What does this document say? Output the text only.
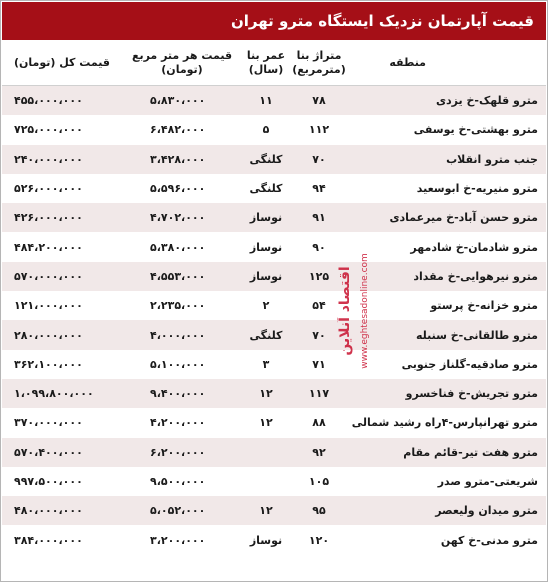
قیمت آپارتمان نزدیک ایستگاه مترو تهران
منطقه	متراژ بنا (مترمربع)	عمر بنا (سال)	قیمت هر متر مربع (تومان)	قیمت کل (تومان)
مترو قلهک-خ یزدی	۷۸	۱۱	۵،۸۳۰،۰۰۰	۴۵۵،۰۰۰،۰۰۰
مترو بهشتی-خ یوسفی	۱۱۲	۵	۶،۴۸۲،۰۰۰	۷۲۵،۰۰۰،۰۰۰
جنب مترو انقلاب	۷۰	کلنگی	۳،۴۲۸،۰۰۰	۲۴۰،۰۰۰،۰۰۰
مترو منیریه-خ ابوسعید	۹۴	کلنگی	۵،۵۹۶،۰۰۰	۵۲۶،۰۰۰،۰۰۰
مترو حسن آباد-خ میرعمادی	۹۱	نوساز	۴،۷۰۲،۰۰۰	۴۲۶،۰۰۰،۰۰۰
مترو شادمان-خ شادمهر	۹۰	نوساز	۵،۳۸۰،۰۰۰	۴۸۴،۲۰۰،۰۰۰
مترو نیرهوایی-خ مقداد	۱۲۵	نوساز	۴،۵۵۳،۰۰۰	۵۷۰،۰۰۰،۰۰۰
مترو خزانه-خ پرستو	۵۴	۲	۲،۲۳۵،۰۰۰	۱۲۱،۰۰۰،۰۰۰
مترو طالقانی-خ سنبله	۷۰	کلنگی	۴،۰۰۰،۰۰۰	۲۸۰،۰۰۰،۰۰۰
مترو صادقیه-گلناز جنوبی	۷۱	۳	۵،۱۰۰،۰۰۰	۳۶۲،۱۰۰،۰۰۰
مترو تجریش-خ فناخسرو	۱۱۷	۱۲	۹،۴۰۰،۰۰۰	۱،۰۹۹،۸۰۰،۰۰۰
مترو تهرانپارس-۴راه رشید شمالی	۸۸	۱۲	۴،۲۰۰،۰۰۰	۳۷۰،۰۰۰،۰۰۰
مترو هفت تیر-قائم مقام	۹۲		۶،۲۰۰،۰۰۰	۵۷۰،۴۰۰،۰۰۰
شریعتی-مترو صدر	۱۰۵		۹،۵۰۰،۰۰۰	۹۹۷،۵۰۰،۰۰۰
مترو میدان ولیعصر	۹۵	۱۲	۵،۰۵۲،۰۰۰	۴۸۰،۰۰۰،۰۰۰
مترو مدنی-خ کهن	۱۲۰	نوساز	۳،۲۰۰،۰۰۰	۳۸۴،۰۰۰،۰۰۰
اقتصاد آنلاین www.eghtesadonline.com
